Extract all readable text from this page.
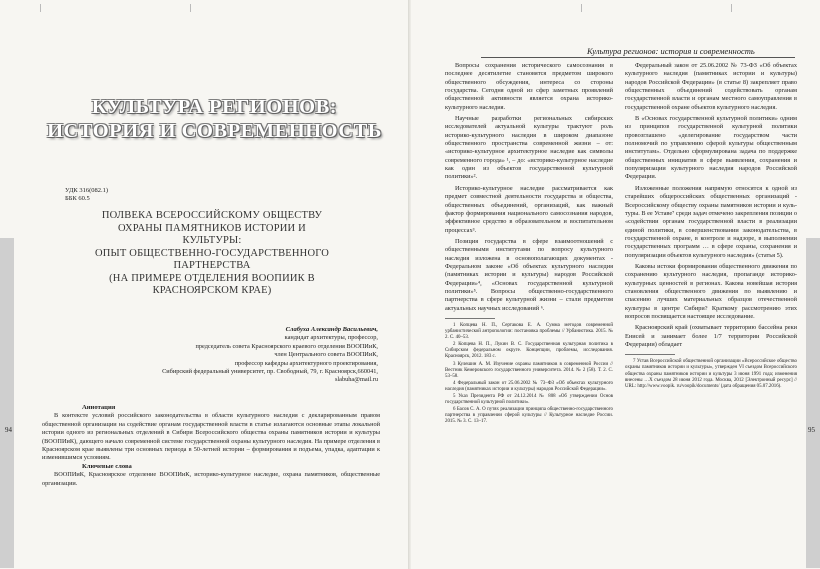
94
КУЛЬТУРА РЕГИОНОВ:
ИСТОРИЯ И СОВРЕМЕННОСТЬ
УДК 316(082.1)
ББК 60.5
ПОЛВЕКА ВСЕРОССИЙСКОМУ ОБЩЕСТВУ
ОХРАНЫ ПАМЯТНИКОВ ИСТОРИИ И
КУЛЬТУРЫ:
ОПЫТ ОБЩЕСТВЕННО-ГОСУДАРСТВЕННОГО
ПАРТНЕРСТВА
(НА ПРИМЕРЕ ОТДЕЛЕНИЯ ВООПИИК В
КРАСНОЯРСКОМ КРАЕ)
Слабуха Александр Васильевич,
кандидат архитектуры, профессор,
председатель совета Красноярского краевого отделения ВООПИиК,
член Центрального совета ВООПИиК,
профессор кафедры архитектурного проектирования,
Сибирский федеральный университет, пр. Свободный, 79, г. Красноярск,660041,
slabuha@mail.ru
Аннотация
В контексте условий российского законодательства в области культурного наследия с декларированным правом общественной организации на содействие органам государственной власти в статье излагаются основные этапы локальной истории одного из региональных отделений в Сибири Всероссийского общества охраны памятников истории и культуры (ВООПИиК), дающего начало современной системе государственной охраны культурного наследия. На примере отделения в Красноярском крае выявлены три основных периода в 50-летней истории – формирования и подъема, упадка, адаптации к изменившимся условиям.
Ключевые слова
ВООПИиК, Красноярское отделение ВООПИиК, историко-культурное наследие, охрана памятников, общественные организации.
95
Культура регионов: история и современность

Вопросы сохранения исторического самосознания в последнее десятилетие становятся предметом широкого общественного обсуждения, интереса со стороны государства. Сегодня одной из сфер заметных проявлений общественной активности является охрана историко-культурного наследия.

Научные разработки региональных сибирских исследователей актуальной культуры трактуют роль историко-культурного наследия в широком диапазоне общественного пространства современной жизни – от: «историко-культурное архитектурное наследие как символы современного города» ¹, – до: «историко-культурное наследие как один из объектов государственной культурной политики»².

Историко-культурное наследие рассматривается как предмет совместной деятельности государства и общества, общественных объединений, организаций, как важный фактор формирования национального самосознания народов, эффективное средство в образовательном и воспитательном процессах³.

Позиция государства в сфере взаимоотношений с общественными институтами по вопросу культурного наследия изложена в основополагающих документах - Федеральном законе «Об объектах культурного наследия (памятниках истории и культуры) народов Российской Федерации»⁴, «Основах государственной культурной политики»⁵. Вопросы общественно-государственного партнерства в сфере культурной жизни – стали предметом актуальных научных исследований ⁶.

1 Копцева Н. П., Сертакова Е. А. Сумма методов современной урбанистической антропологии: постановка проблемы // Урбанистика. 2015. № 2. С. 40–53.
2 Копцева Н. П., Лукин В. С. Государственная культурная политика в Сибирском федеральном округе. Концепции, проблемы, исследования. Красноярск, 2012. 183 с.
3 Кулешин А. М. Изучение охраны памятников в современной России // Вестник Кемеровского государственного университета. 2014. № 2 (58). Т. 2. С. 53–58.
4 Федеральный закон от 25.06.2002 № 73–ФЗ «Об объектах культурного наследия (памятниках истории и культуры) народов Российской Федерации».
5 Указ Президента РФ от 24.12.2014 № 808 «Об утверждении Основ государственной культурной политики».
6 Басов С. А. О путях реализации принципа общественно-государственного партнерства в управлении сферой культуры // Культурное наследие России. 2015. № 3. С. 13–17.

Федеральный закон от 25.06.2002 № 73-ФЗ «Об объектах культурного наследия (памятниках истории и культуры) народов Российской Федерации» (в статье 8) закрепляет право общественных объединений содействовать органам государственной власти и органам местного самоуправления в государственной охране объектов культурного наследия.

В «Основах государственной культурной политики» одним из принципов государственной культурной политики провозглашено «делегирование государством части полномочий по управлению сферой культуры общественным институтам». Отдельно сформулирована задача по поддержке общественных инициатив в сфере выявления, сохранения и популяризации культурного наследия народов Российской Федерации.

Изложенные положения напрямую относятся к одной из старейших общероссийских общественных организаций - Всероссийскому обществу охраны памятников истории и культуры. В ее Уставе⁷ среди задач отмечено закрепления позиции о «содействии органам государственной власти в реализации единой политики, в совершенствовании законодательства, в государственной охране, в контроле и надзоре, в выполнении государственных программ … в сфере охраны, сохранения и популяризации объектов культурного наследия» (статья 5).

Каковы истоки формирования общественного движения по сохранению культурного наследия, пропаганде историко-культурных ценностей в регионах. Какова новейшая история становления общественного движения по выявлению и спасению лучших материальных образцов отечественной культуры в центре Сибири? Краткому рассмотрению этих вопросов посвящается настоящее исследование.

Красноярский край (охватывает территорию бассейна реки Енисей и занимает более 1/7 территории Российской Федерации) обладает

7 Устав Всероссийской общественной организации «Всероссийское общество охраны памятников истории и культуры», утвержден VI съездом Всероссийского общества охраны памятников истории и культуры 3 июня 1991 года; изменения внесены …X съездом 28 июня 2012 года. Москва, 2012 [Электронный ресурс] // URL: http://www.voopik. ru/voopik/documents/ (дата обращения 05.07.2016).
